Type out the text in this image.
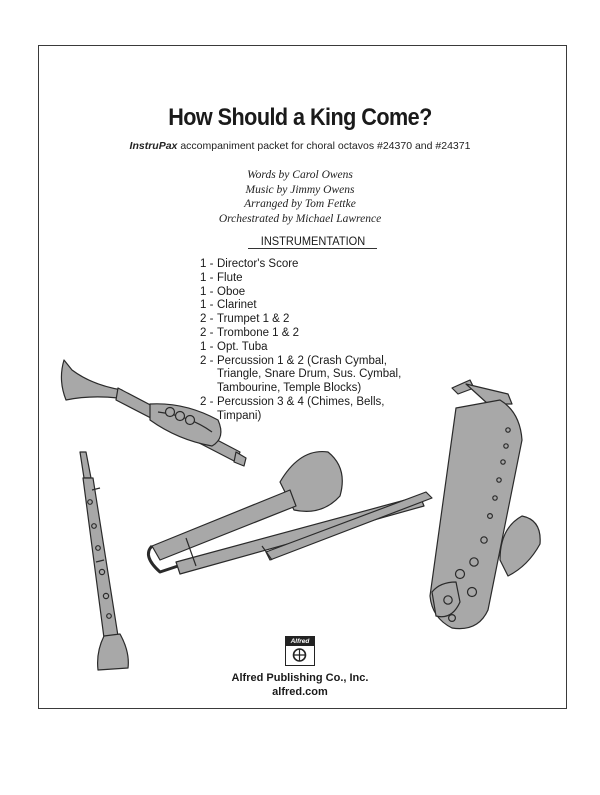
How Should a King Come?
InstruPax accompaniment packet for choral octavos #24370 and #24371
Words by Carol Owens
Music by Jimmy Owens
Arranged by Tom Fettke
Orchestrated by Michael Lawrence
INSTRUMENTATION
1 - Director's Score
1 - Flute
1 - Oboe
1 - Clarinet
2 - Trumpet 1 & 2
2 - Trombone 1 & 2
1 - Opt. Tuba
2 - Percussion 1 & 2 (Crash Cymbal,
Triangle, Snare Drum, Sus. Cymbal,
Tambourine, Temple Blocks)
2 - Percussion 3 & 4 (Chimes, Bells, Timpani)
Alfred
Alfred Publishing Co., Inc.
alfred.com
